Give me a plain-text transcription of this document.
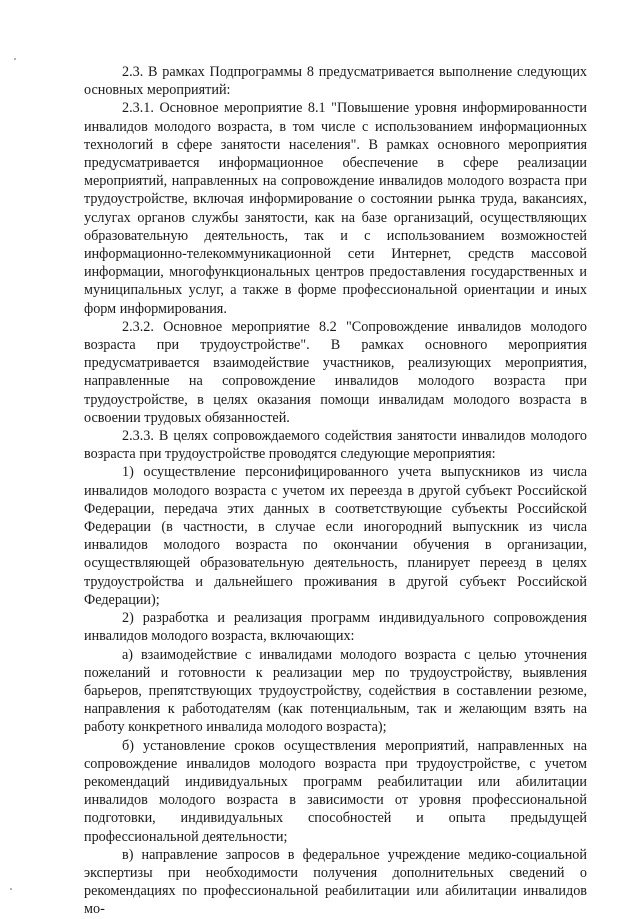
2.3. В рамках Подпрограммы 8 предусматривается выполнение следующих основных мероприятий:

2.3.1. Основное мероприятие 8.1 "Повышение уровня информированности инвалидов молодого возраста, в том числе с использованием информационных технологий в сфере занятости населения". В рамках основного мероприятия предусматривается информационное обеспечение в сфере реализации мероприятий, направленных на сопровождение инвалидов молодого возраста при трудоустройстве, включая информирование о состоянии рынка труда, вакансиях, услугах органов службы занятости, как на базе организаций, осуществляющих образовательную деятельность, так и с использованием возможностей информационно-телекоммуникационной сети Интернет, средств массовой информации, многофункциональных центров предоставления государственных и муниципальных услуг, а также в форме профессиональной ориентации и иных форм информирования.

2.3.2. Основное мероприятие 8.2 "Сопровождение инвалидов молодого возраста при трудоустройстве". В рамках основного мероприятия предусматривается взаимодействие участников, реализующих мероприятия, направленные на сопровождение инвалидов молодого возраста при трудоустройстве, в целях оказания помощи инвалидам молодого возраста в освоении трудовых обязанностей.

2.3.3. В целях сопровождаемого содействия занятости инвалидов молодого возраста при трудоустройстве проводятся следующие мероприятия:

1) осуществление персонифицированного учета выпускников из числа инвалидов молодого возраста с учетом их переезда в другой субъект Российской Федерации, передача этих данных в соответствующие субъекты Российской Федерации (в частности, в случае если иногородний выпускник из числа инвалидов молодого возраста по окончании обучения в организации, осуществляющей образовательную деятельность, планирует переезд в целях трудоустройства и дальнейшего проживания в другой субъект Российской Федерации);

2) разработка и реализация программ индивидуального сопровождения инвалидов молодого возраста, включающих:

а) взаимодействие с инвалидами молодого возраста с целью уточнения пожеланий и готовности к реализации мер по трудоустройству, выявления барьеров, препятствующих трудоустройству, содействия в составлении резюме, направления к работодателям (как потенциальным, так и желающим взять на работу конкретного инвалида молодого возраста);

б) установление сроков осуществления мероприятий, направленных на сопровождение инвалидов молодого возраста при трудоустройстве, с учетом рекомендаций индивидуальных программ реабилитации или абилитации инвалидов молодого возраста в зависимости от уровня профессиональной подготовки, индивидуальных способностей и опыта предыдущей профессиональной деятельности;

в) направление запросов в федеральное учреждение медико-социальной экспертизы при необходимости получения дополнительных сведений о рекомендациях по профессиональной реабилитации или абилитации инвалидов мо-
